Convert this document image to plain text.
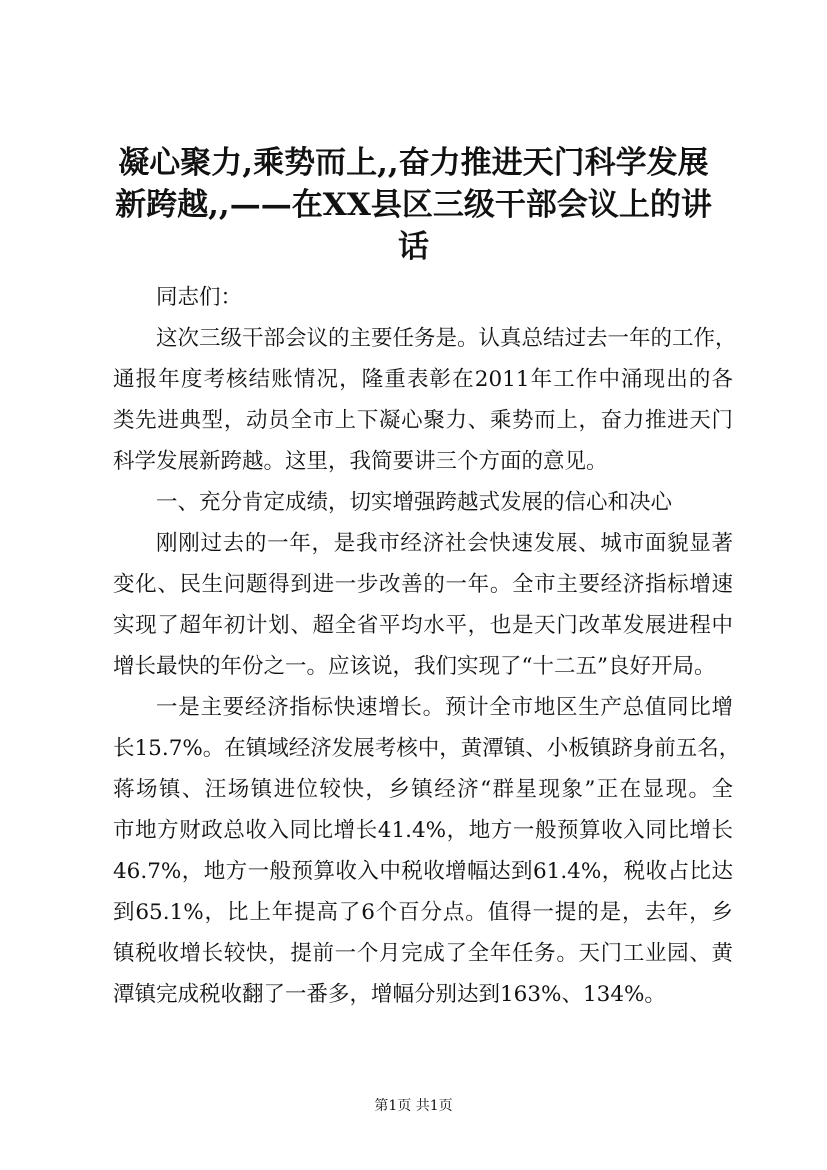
凝心聚力,乘势而上,,奋力推进天门科学发展
新跨越,,——在XX县区三级干部会议上的讲
话
同志们：
这次三级干部会议的主要任务是。认真总结过去一年的工作，
通报年度考核结账情况，隆重表彰在2011年工作中涌现出的各
类先进典型，动员全市上下凝心聚力、乘势而上，奋力推进天门
科学发展新跨越。这里，我简要讲三个方面的意见。
一、充分肯定成绩，切实增强跨越式发展的信心和决心
刚刚过去的一年，是我市经济社会快速发展、城市面貌显著
变化、民生问题得到进一步改善的一年。全市主要经济指标增速
实现了超年初计划、超全省平均水平，也是天门改革发展进程中
增长最快的年份之一。应该说，我们实现了“十二五”良好开局。
一是主要经济指标快速增长。预计全市地区生产总值同比增
长15.7%。在镇域经济发展考核中，黄潭镇、小板镇跻身前五名，
蒋场镇、汪场镇进位较快，乡镇经济“群星现象”正在显现。全
市地方财政总收入同比增长41.4%，地方一般预算收入同比增长
46.7%，地方一般预算收入中税收增幅达到61.4%，税收占比达
到65.1%，比上年提高了6个百分点。值得一提的是，去年，乡
镇税收增长较快，提前一个月完成了全年任务。天门工业园、黄
潭镇完成税收翻了一番多，增幅分别达到163%、134%。
第1页 共1页
